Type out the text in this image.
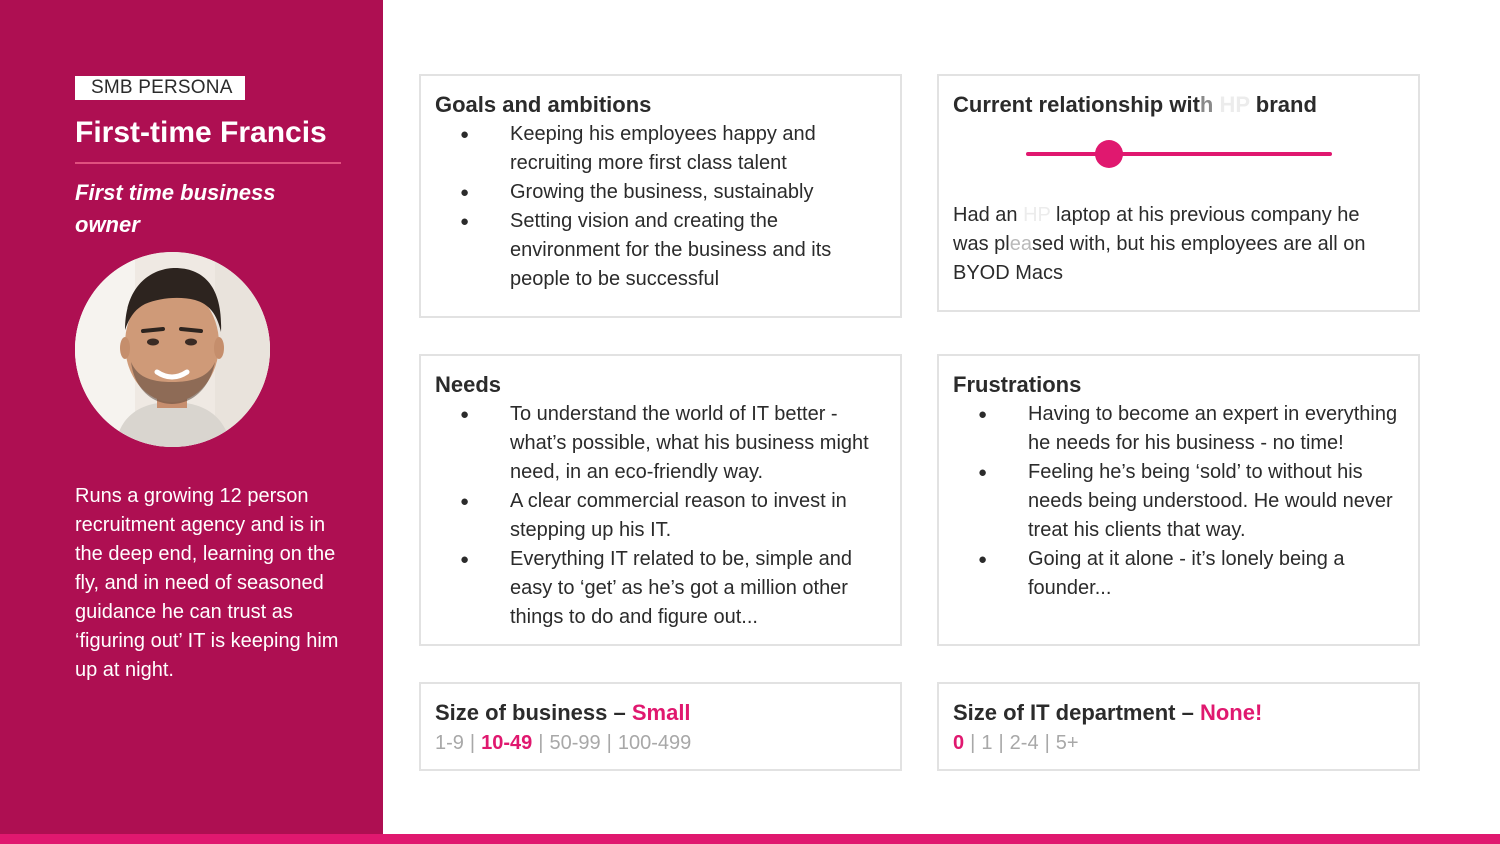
SMB PERSONA
First-time Francis
First time business owner

Runs a growing 12 person recruitment agency and is in the deep end, learning on the fly, and in need of seasoned guidance he can trust as ‘figuring out’ IT is keeping him up at night.

Goals and ambitions
● Keeping his employees happy and recruiting more first class talent
● Growing the business, sustainably
● Setting vision and creating the environment for the business and its people to be successful
Current relationship with HP brand

Had an HP laptop at his previous company he was pleased with, but his employees are all on BYOD Macs

Needs
● To understand the world of IT better - what’s possible, what his business might need, in an eco-friendly way.
● A clear commercial reason to invest in stepping up his IT.
● Everything IT related to be, simple and easy to ‘get’ as he’s got a million other things to do and figure out...
Frustrations
● Having to become an expert in everything he needs for his business - no time!
● Feeling he’s being ‘sold’ to without his needs being understood. He would never treat his clients that way.
● Going at it alone - it’s lonely being a founder...
Size of business – Small
1-9 | 10-49 | 50-99 | 100-499
Size of IT department – None!
0 | 1 | 2-4 | 5+
